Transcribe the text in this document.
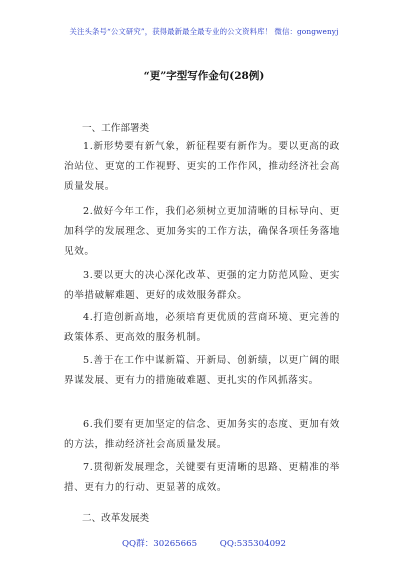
关注头条号“公文研究”，获得最新最全最专业的公文资料库！ 微信：gongwenyj
“更”字型写作金句(28例)
一、工作部署类
1.新形势要有新气象，新征程要有新作为。要以更高的政治站位、更宽的工作视野、更实的工作作风，推动经济社会高质量发展。
2.做好今年工作，我们必须树立更加清晰的目标导向、更加科学的发展理念、更加务实的工作方法，确保各项任务落地见效。
3.要以更大的决心深化改革、更强的定力防范风险、更实的举措破解难题、更好的成效服务群众。
4.打造创新高地，必须培育更优质的营商环境、更完善的政策体系、更高效的服务机制。
5.善于在工作中谋新篇、开新局、创新绩，以更广阔的眼界谋发展、更有力的措施破难题、更扎实的作风抓落实。
6.我们要有更加坚定的信念、更加务实的态度、更加有效的方法，推动经济社会高质量发展。
7.贯彻新发展理念，关键要有更清晰的思路、更精准的举措、更有力的行动、更显著的成效。
二、改革发展类
QQ群：30265665	QQ:535304092
